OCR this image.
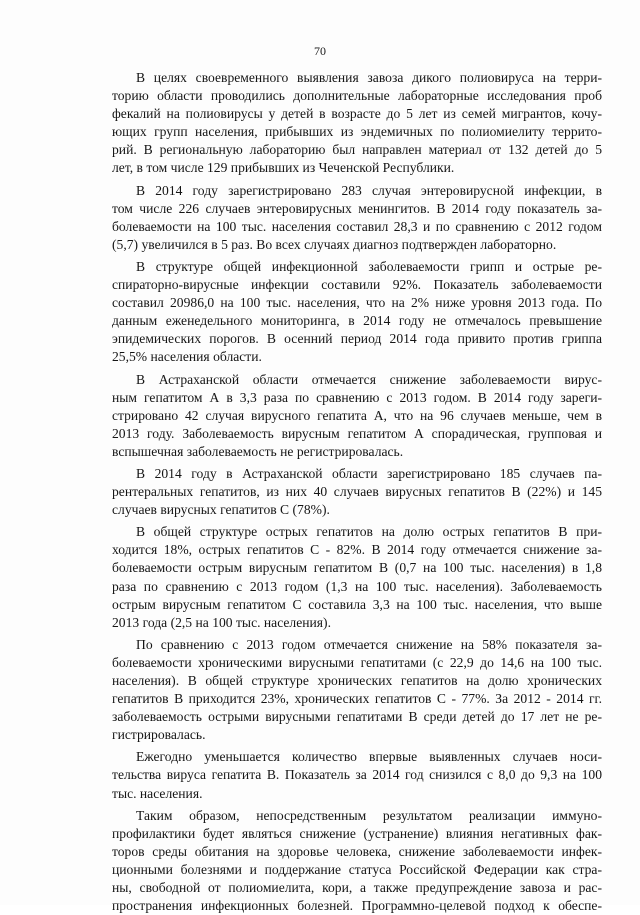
70
В целях своевременного выявления завоза дикого полиовируса на терри-
торию области проводились дополнительные лабораторные исследования проб
фекалий на полиовирусы у детей в возрасте до 5 лет из семей мигрантов, кочу-
ющих групп населения, прибывших из эндемичных по полиомиелиту террито-
рий. В региональную лабораторию был направлен материал от 132 детей до 5
лет, в том числе 129 прибывших из Чеченской Республики.
В 2014 году зарегистрировано 283 случая энтеровирусной инфекции, в
том числе 226 случаев энтеровирусных менингитов. В 2014 году показатель за-
болеваемости на 100 тыс. населения составил 28,3 и по сравнению с 2012 годом
(5,7) увеличился в 5 раз. Во всех случаях диагноз подтвержден лабораторно.
В структуре общей инфекционной заболеваемости грипп и острые ре-
спираторно-вирусные инфекции составили 92%. Показатель заболеваемости
составил 20986,0 на 100 тыс. населения, что на 2% ниже уровня 2013 года. По
данным еженедельного мониторинга, в 2014 году не отмечалось превышение
эпидемических порогов. В осенний период 2014 года привито против гриппа
25,5% населения области.
В Астраханской области отмечается снижение заболеваемости вирус-
ным гепатитом А в 3,3 раза по сравнению с 2013 годом. В 2014 году зареги-
стрировано 42 случая вирусного гепатита А, что на 96 случаев меньше, чем в
2013 году. Заболеваемость вирусным гепатитом А спорадическая, групповая и
вспышечная заболеваемость не регистрировалась.
В 2014 году в Астраханской области зарегистрировано 185 случаев па-
рентеральных гепатитов, из них 40 случаев вирусных гепатитов В (22%) и 145
случаев вирусных гепатитов С (78%).
В общей структуре острых гепатитов на долю острых гепатитов В при-
ходится 18%, острых гепатитов С - 82%. В 2014 году отмечается снижение за-
болеваемости острым вирусным гепатитом В (0,7 на 100 тыс. населения) в 1,8
раза по сравнению с 2013 годом (1,3 на 100 тыс. населения). Заболеваемость
острым вирусным гепатитом С составила 3,3 на 100 тыс. населения, что выше
2013 года (2,5 на 100 тыс. населения).
По сравнению с 2013 годом отмечается снижение на 58% показателя за-
болеваемости хроническими вирусными гепатитами (с 22,9 до 14,6 на 100 тыс.
населения). В общей структуре хронических гепатитов на долю хронических
гепатитов В приходится 23%, хронических гепатитов С - 77%. За 2012 - 2014 гг.
заболеваемость острыми вирусными гепатитами В среди детей до 17 лет не ре-
гистрировалась.
Ежегодно уменьшается количество впервые выявленных случаев носи-
тельства вируса гепатита В. Показатель за 2014 год снизился с 8,0 до 9,3 на 100
тыс. населения.
Таким образом, непосредственным результатом реализации иммуно-
профилактики будет являться снижение (устранение) влияния негативных фак-
торов среды обитания на здоровье человека, снижение заболеваемости инфек-
ционными болезнями и поддержание статуса Российской Федерации как стра-
ны, свободной от полиомиелита, кори, а также предупреждение завоза и рас-
пространения инфекционных болезней. Программно-целевой подход к обеспе-
